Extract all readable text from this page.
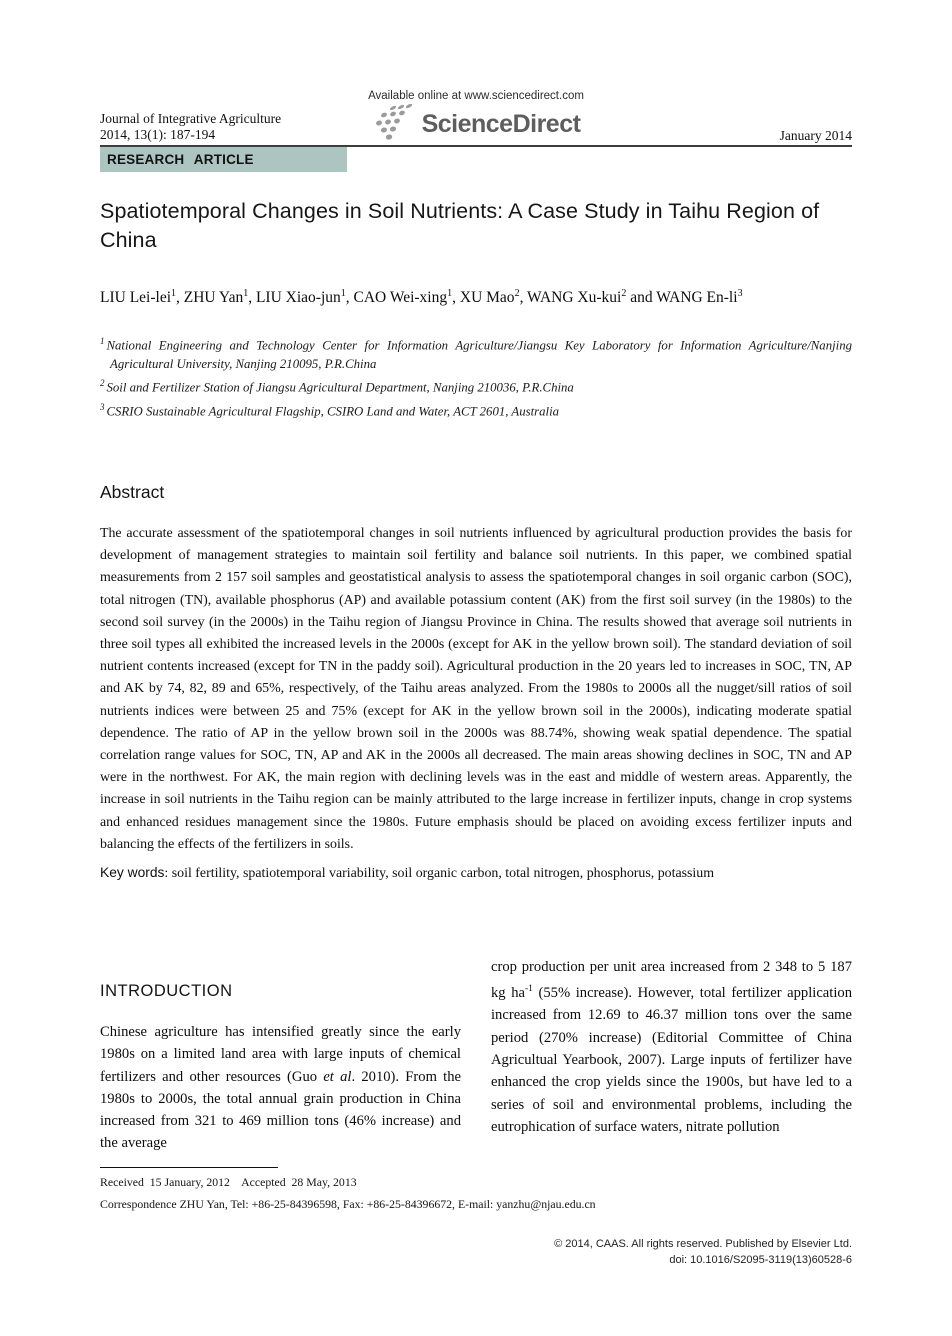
Journal of Integrative Agriculture
2014, 13(1): 187-194
Available online at www.sciencedirect.com
ScienceDirect	January 2014
RESEARCH ARTICLE
Spatiotemporal Changes in Soil Nutrients: A Case Study in Taihu Region of China
LIU Lei-lei$^1$, ZHU Yan$^1$, LIU Xiao-jun$^1$, CAO Wei-xing$^1$, XU Mao$^2$, WANG Xu-kui$^2$ and WANG $En-li^3$
$^1$ National Engineering and Technology Center for Information Agriculture/Jiangsu Key Laboratory for Information Agriculture/Nanjing Agricultural University, Nanjing 210095, P.R.China
$^2$ Soil and Fertilizer Station of Jiangsu Agricultural Department, Nanjing 210036, P.R.China
$^3$ CSRIO Sustainable Agricultural Flagship, CSIRO Land and Water, ACT 2601, Australia
Abstract

The accurate assessment of the spatiotemporal changes in soil nutrients influenced by agricultural production provides the basis for development of management strategies to maintain soil fertility and balance soil nutrients. In this paper, we combined spatial measurements from 2 157 soil samples and geostatistical analysis to assess the spatiotemporal changes in soil organic carbon (SOC), total nitrogen (TN), available phosphorus (AP) and available potassium content (AK) from the first soil survey (in the 1980s) to the second soil survey (in the 2000s) in the Taihu region of Jiangsu Province in China. The results showed that average soil nutrients in three soil types all exhibited the increased levels in the 2000s (except for AK in the yellow brown soil). The standard deviation of soil nutrient contents increased (except for TN in the paddy soil). Agricultural production in the 20 years led to increases in SOC, TN, AP and AK by 74, 82, 89 and 65%, respectively, of the Taihu areas analyzed. From the 1980s to 2000s all the nugget/sill ratios of soil nutrients indices were between 25 and 75% (except for AK in the yellow brown soil in the 2000s), indicating moderate spatial dependence. The ratio of AP in the yellow brown soil in the 2000s was 88.74%, showing weak spatial dependence. The spatial correlation range values for SOC, TN, AP and AK in the 2000s all decreased. The main areas showing declines in SOC, TN and AP were in the northwest. For AK, the main region with declining levels was in the east and middle of western areas. Apparently, the increase in soil nutrients in the Taihu region can be mainly attributed to the large increase in fertilizer inputs, change in crop systems and enhanced residues management since the 1980s. Future emphasis should be placed on avoiding excess fertilizer inputs and balancing the effects of the fertilizers in soils.

Key words: soil fertility, spatiotemporal variability, soil organic carbon, total nitrogen, phosphorus, potassium
INTRODUCTION

Chinese agriculture has intensified greatly since the early 1980s on a limited land area with large inputs of chemical fertilizers and other resources (Guo et al. 2010). From the 1980s to 2000s, the total annual grain production in China increased from 321 to 469 million tons (46% increase) and the average

crop production per unit area increased from 2 348 to 5 187 kg $ha^{-1}$ (55% increase). However, total fertilizer application increased from 12.69 to 46.37 million tons over the same period (270% increase) (Editorial Committee of China Agricultual Yearbook, 2007). Large inputs of fertilizer have enhanced the crop yields since the 1900s, but have led to a series of soil and environmental problems, including the eutrophication of surface waters, nitrate pollution

Received  15 January, 2012    Accepted  28 May, 2013
Correspondence ZHU Yan, Tel: +86-25-84396598, Fax: +86-25-84396672, E-mail: yanzhu@njau.edu.cn
© 2014, CAAS. All rights reserved. Published by Elsevier Ltd.
doi: 10.1016/S2095-3119(13)60528-6
